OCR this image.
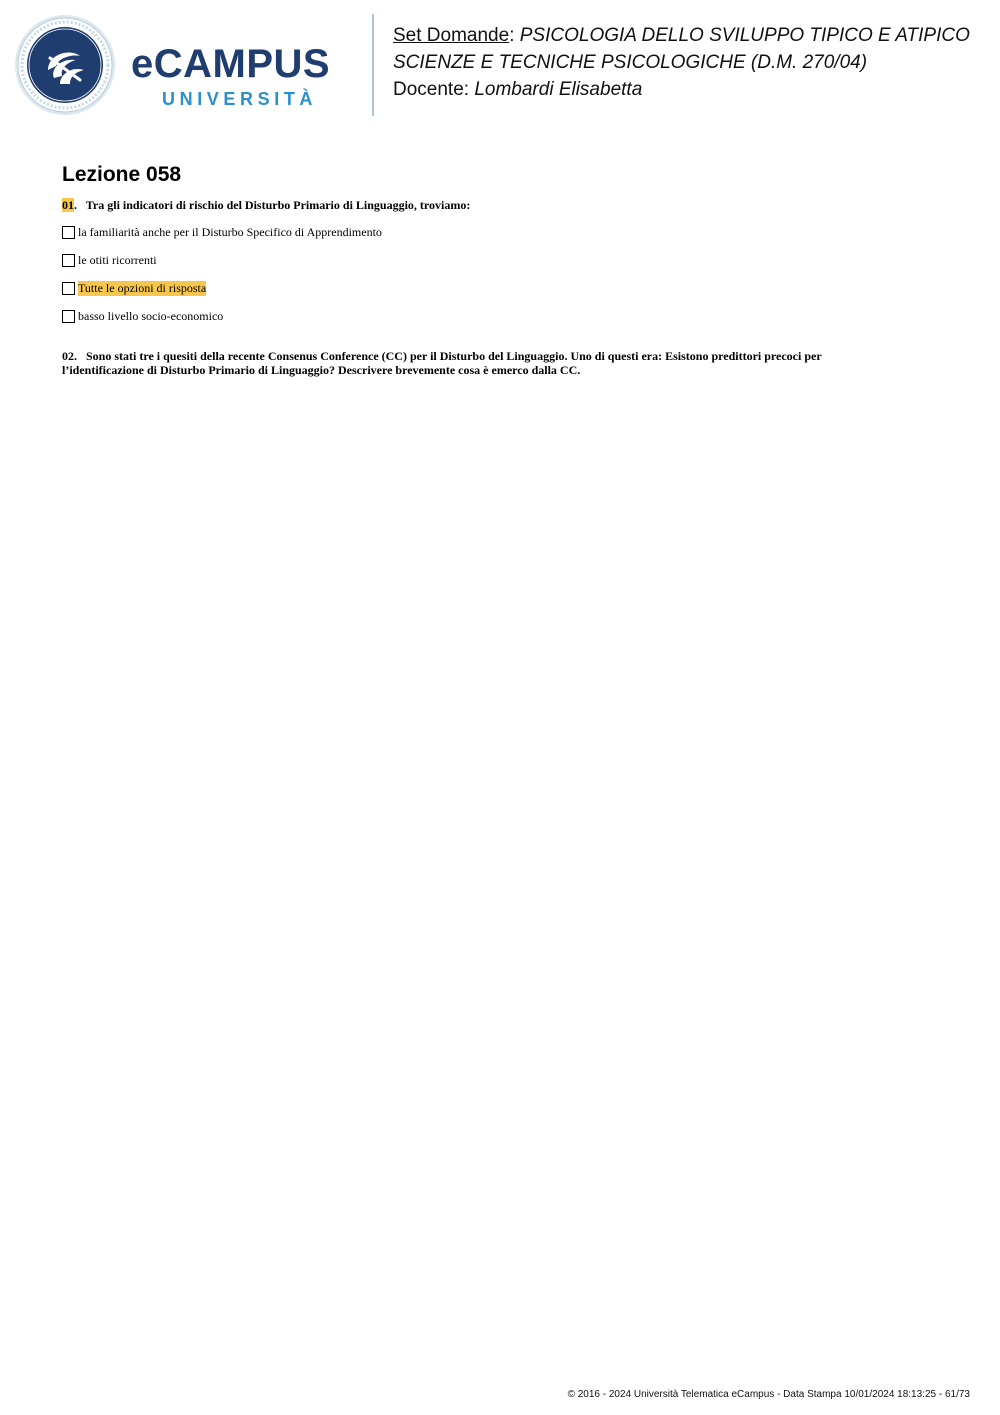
eCAMPUS
UNIVERSITÀ
Set Domande: PSICOLOGIA DELLO SVILUPPO TIPICO E ATIPICO
SCIENZE E TECNICHE PSICOLOGICHE (D.M. 270/04)
Docente: Lombardi Elisabetta
Lezione 058
01.   Tra gli indicatori di rischio del Disturbo Primario di Linguaggio, troviamo:
la familiarità anche per il Disturbo Specifico di Apprendimento
le otiti ricorrenti
Tutte le opzioni di risposta
basso livello socio-economico
02.   Sono stati tre i quesiti della recente Consenus Conference (CC) per il Disturbo del Linguaggio. Uno di questi era: Esistono predittori precoci per l’identificazione di Disturbo Primario di Linguaggio? Descrivere brevemente cosa è emerco dalla CC.
© 2016 - 2024 Università Telematica eCampus - Data Stampa 10/01/2024 18:13:25 - 61/73
